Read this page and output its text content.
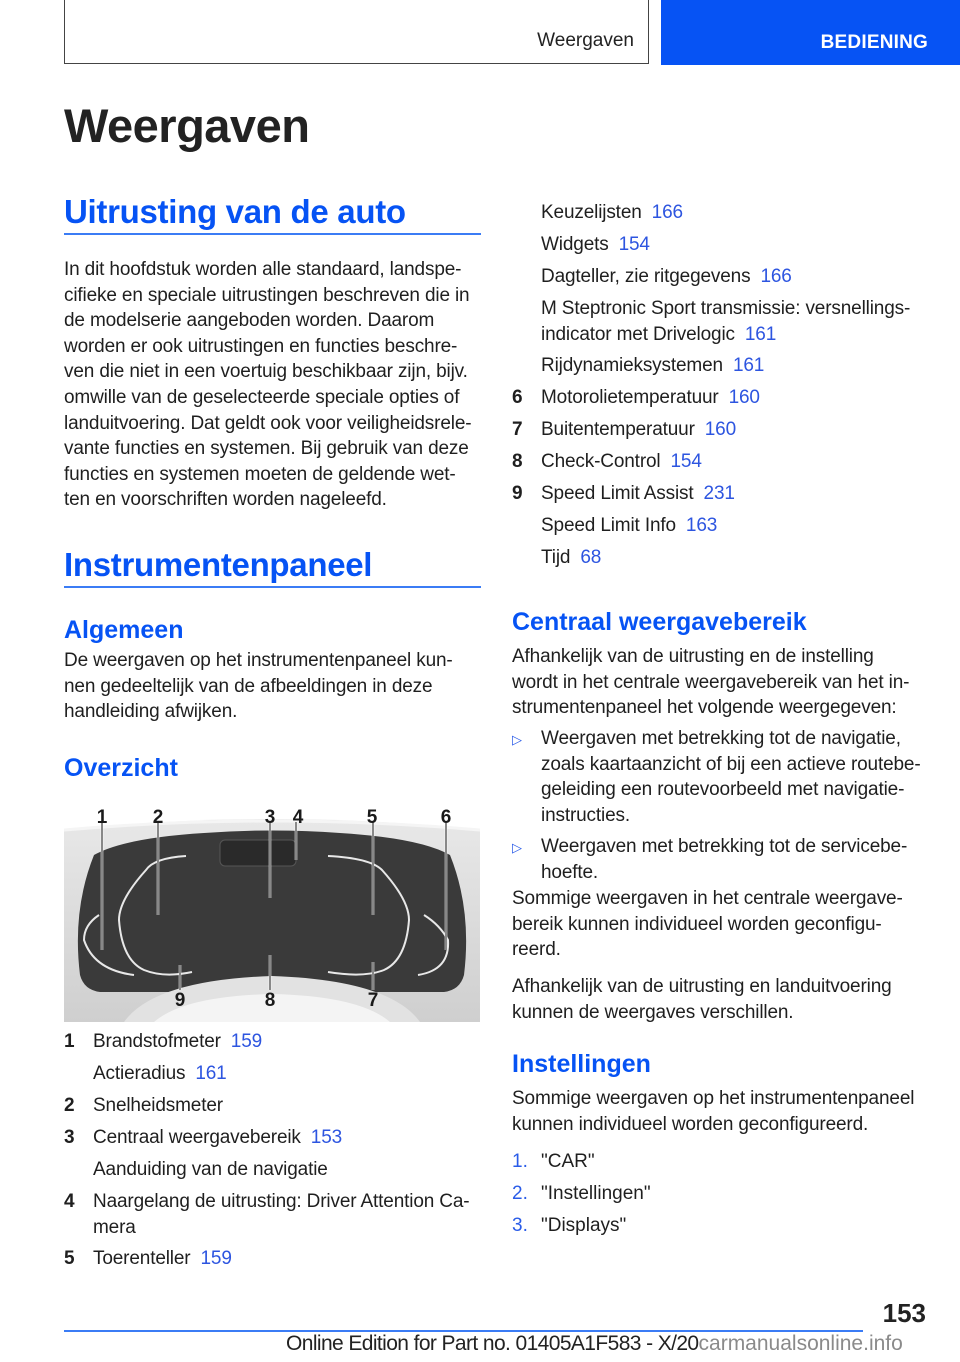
Weergaven	BEDIENING
Weergaven
Uitrusting van de auto
In dit hoofdstuk worden alle standaard, landspe-
cifieke en speciale uitrustingen beschreven die in
de modelserie aangeboden worden. Daarom
worden er ook uitrustingen en functies beschre-
ven die niet in een voertuig beschikbaar zijn, bijv.
omwille van de geselecteerde speciale opties of
landuitvoering. Dat geldt ook voor veiligheidsrele-
vante functies en systemen. Bij gebruik van deze
functies en systemen moeten de geldende wet-
ten en voorschriften worden nageleefd.
Instrumentenpaneel
Algemeen
De weergaven op het instrumentenpaneel kun-
nen gedeeltelijk van de afbeeldingen in deze
handleiding afwijken.
Overzicht
1 2	3 4	5	6
9	8	7
1 Brandstofmeter 159
Actieradius 161
2 Snelheidsmeter
3 Centraal weergavebereik 153
Aanduiding van de navigatie
4 Naargelang de uitrusting: Driver Attention Ca-
mera
5 Toerenteller 159
Keuzelijsten 166
Widgets 154
Dagteller, zie ritgegevens 166
M Steptronic Sport transmissie: versnellings-
indicator met Drivelogic 161
Rijdynamieksystemen 161
6 Motorolietemperatuur 160
7 Buitentemperatuur 160
8 Check-Control 154
9 Speed Limit Assist 231
Speed Limit Info 163
Tijd 68
Centraal weergavebereik
Afhankelijk van de uitrusting en de instelling
wordt in het centrale weergavebereik van het in-
strumentenpaneel het volgende weergegeven:
▷ Weergaven met betrekking tot de navigatie,
zoals kaartaanzicht of bij een actieve routebe-
geleiding een routevoorbeeld met navigatie-
instructies.
▷ Weergaven met betrekking tot de servicebe-
hoefte.
Sommige weergaven in het centrale weergave-
bereik kunnen individueel worden geconfigu-
reerd.
Afhankelijk van de uitrusting en landuitvoering
kunnen de weergaves verschillen.
Instellingen
Sommige weergaven op het instrumentenpaneel
kunnen individueel worden geconfigureerd.
1. "CAR"
2. "Instellingen"
3. "Displays"
153
Online Edition for Part no. 01405A1F583 - X/20carmanualsonline.info
